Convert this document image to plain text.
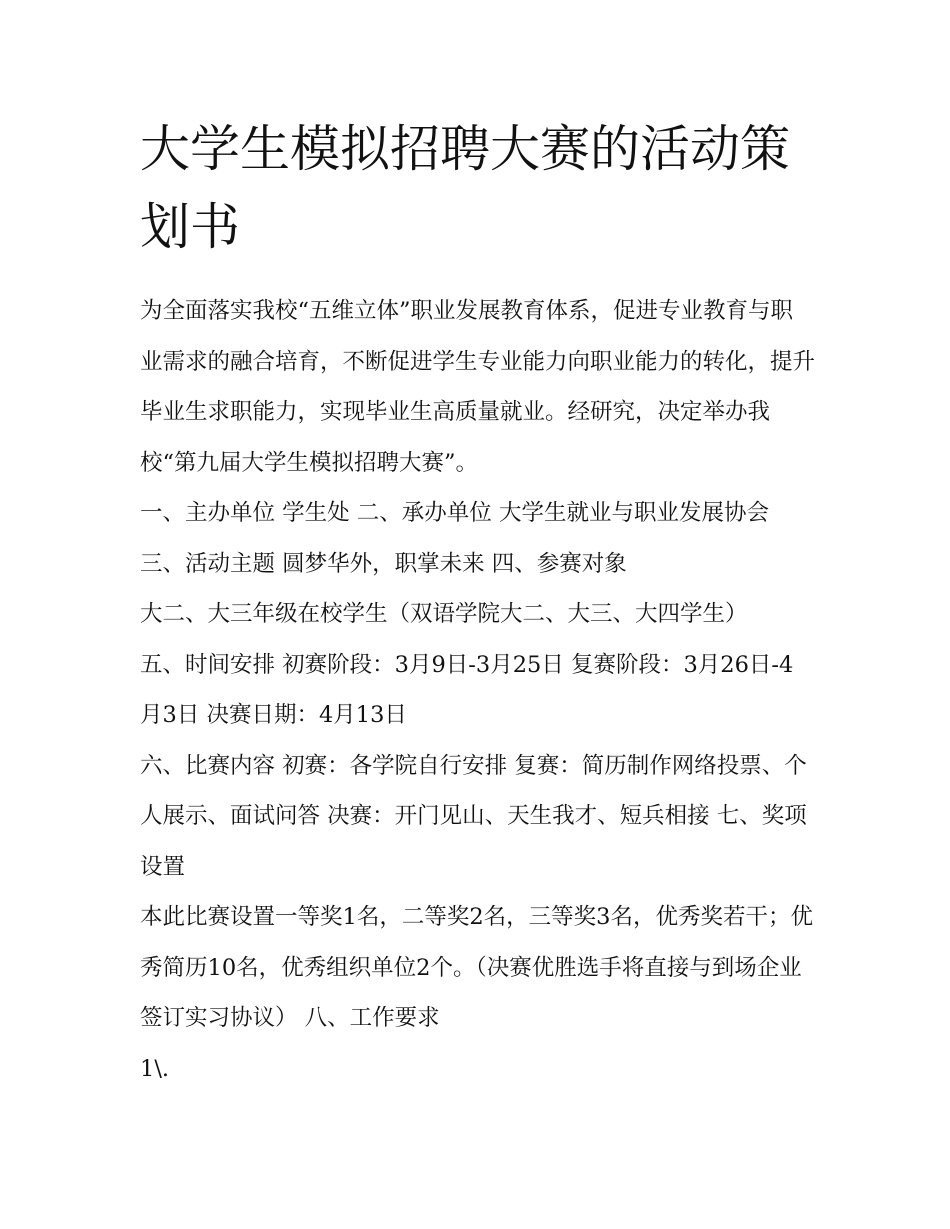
大学生模拟招聘大赛的活动策划书

为全面落实我校“五维立体”职业发展教育体系，促进专业教育与职业需求的融合培育，不断促进学生专业能力向职业能力的转化，提升毕业生求职能力，实现毕业生高质量就业。经研究，决定举办我校“第九届大学生模拟招聘大赛”。

一、主办单位 学生处 二、承办单位 大学生就业与职业发展协会 三、活动主题 圆梦华外，职掌未来 四、参赛对象

大二、大三年级在校学生（双语学院大二、大三、大四学生）

五、时间安排 初赛阶段：3月9日-3月25日 复赛阶段：3月26日-4月3日 决赛日期：4月13日

六、比赛内容 初赛：各学院自行安排 复赛：简历制作网络投票、个人展示、面试问答 决赛：开门见山、天生我才、短兵相接 七、奖项设置

本此比赛设置一等奖1名，二等奖2名，三等奖3名，优秀奖若干；优秀简历10名，优秀组织单位2个。（决赛优胜选手将直接与到场企业签订实习协议） 八、工作要求

1\.
